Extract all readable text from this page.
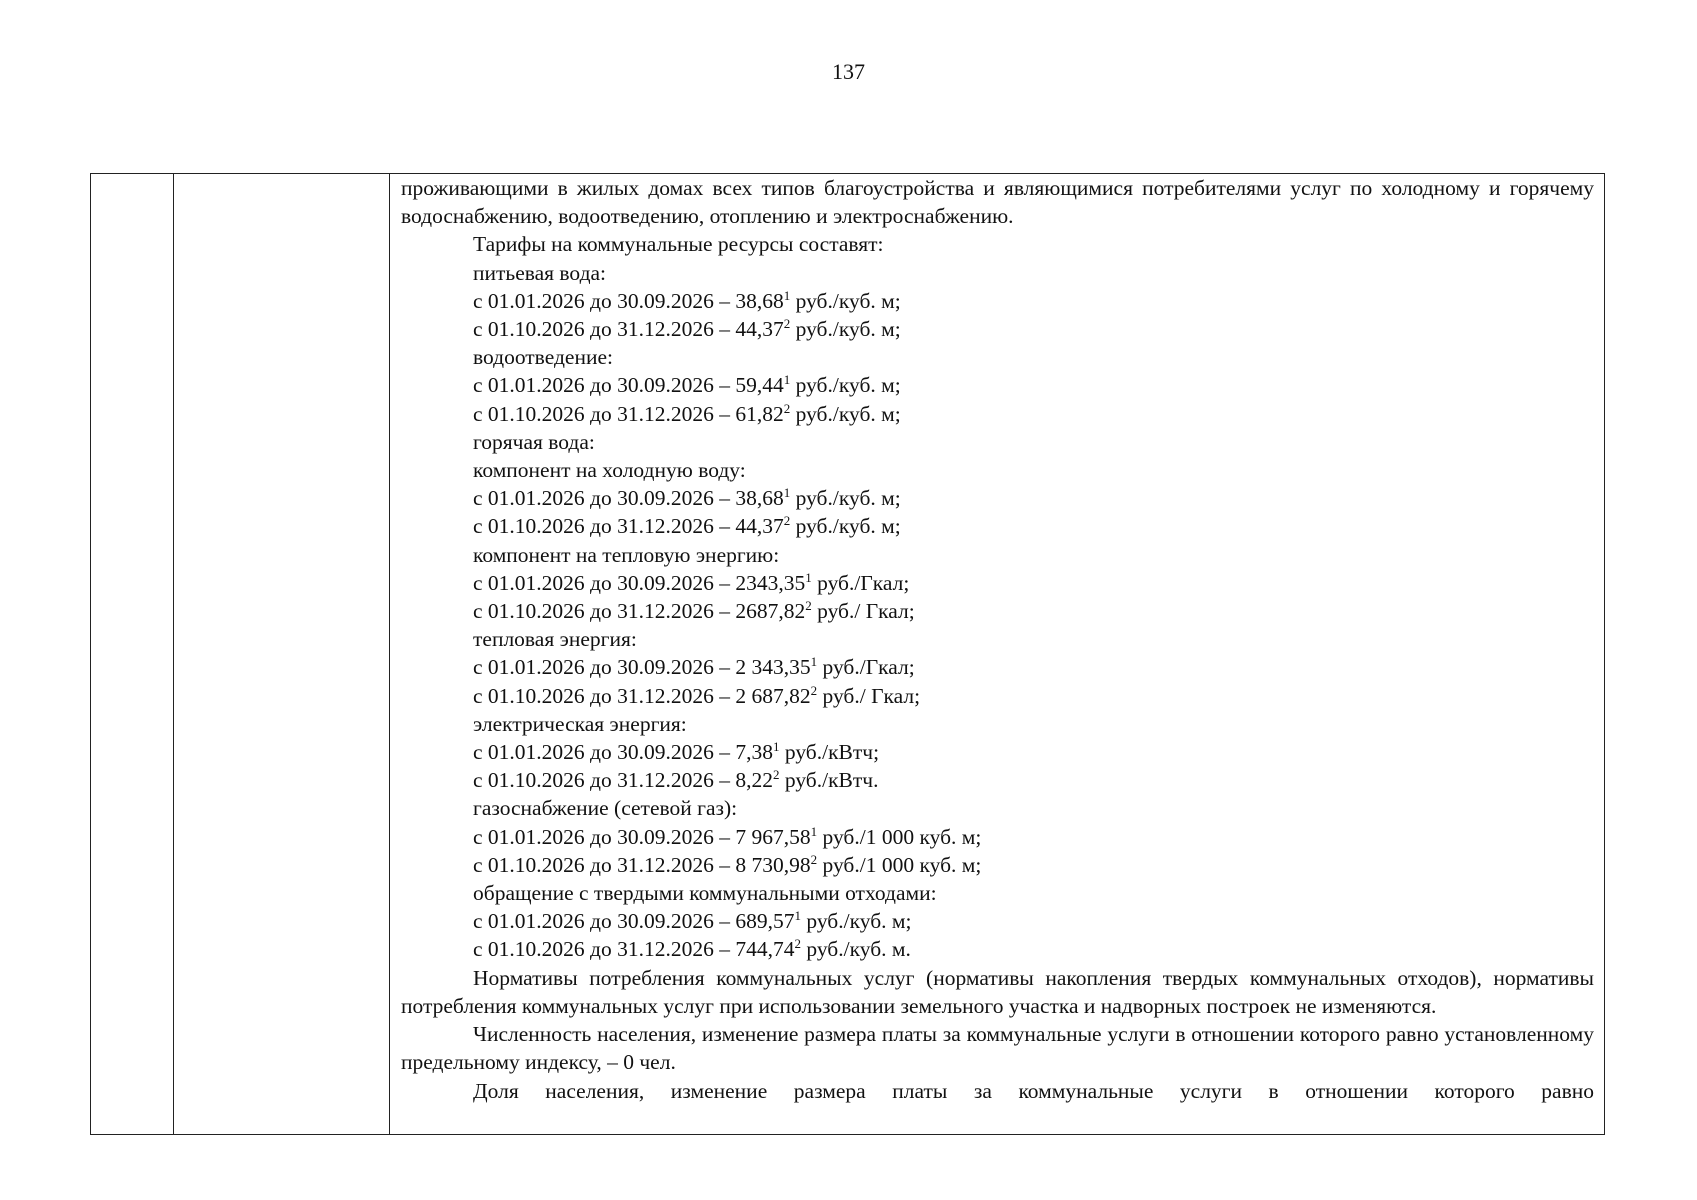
137

проживающими в жилых домах всех типов благоустройства и являющимися потребителями услуг по холодному и горячему водоснабжению, водоотведению, отоплению и электроснабжению.

Тарифы на коммунальные ресурсы составят:

питьевая вода:

с 01.01.2026 до 30.09.2026 – 38,68$^1$ руб./куб. м;

с 01.10.2026 до 31.12.2026 – 44,37$^2$ руб./куб. м;

водоотведение:

с 01.01.2026 до 30.09.2026 – 59,44$^1$ руб./куб. м;

с 01.10.2026 до 31.12.2026 – 61,82$^2$ руб./куб. м;

горячая вода:

компонент на холодную воду:

с 01.01.2026 до 30.09.2026 – 38,68$^1$ руб./куб. м;

с 01.10.2026 до 31.12.2026 – 44,37$^2$ руб./куб. м;

компонент на тепловую энергию:

с 01.01.2026 до 30.09.2026 – 2343,35$^1$ руб./Гкал;

с 01.10.2026 до 31.12.2026 – 2687,82$^2$ руб./ Гкал;

тепловая энергия:

с 01.01.2026 до 30.09.2026 – 2 343,35$^1$ руб./Гкал;

с 01.10.2026 до 31.12.2026 – 2 687,82$^2$ руб./ Гкал;

электрическая энергия:

с 01.01.2026 до 30.09.2026 – 7,38$^1$ руб./кВтч;

с 01.10.2026 до 31.12.2026 – 8,22$^2$ руб./кВтч.

газоснабжение (сетевой газ):

с 01.01.2026 до 30.09.2026 – 7 967,58$^1$ руб./1 000 куб. м;

с 01.10.2026 до 31.12.2026 – 8 730,98$^2$ руб./1 000 куб. м;

обращение с твердыми коммунальными отходами:

с 01.01.2026 до 30.09.2026 – 689,57$^1$ руб./куб. м;

с 01.10.2026 до 31.12.2026 – 744,74$^2$ руб./куб. м.

Нормативы потребления коммунальных услуг (нормативы накопления твердых коммунальных отходов), нормативы потребления коммунальных услуг при использовании земельного участка и надворных построек не изменяются.

Численность населения, изменение размера платы за коммунальные услуги в отношении которого равно установленному предельному индексу, – 0 чел.

Доля населения, изменение размера платы за коммунальные услуги в отношении которого равно
